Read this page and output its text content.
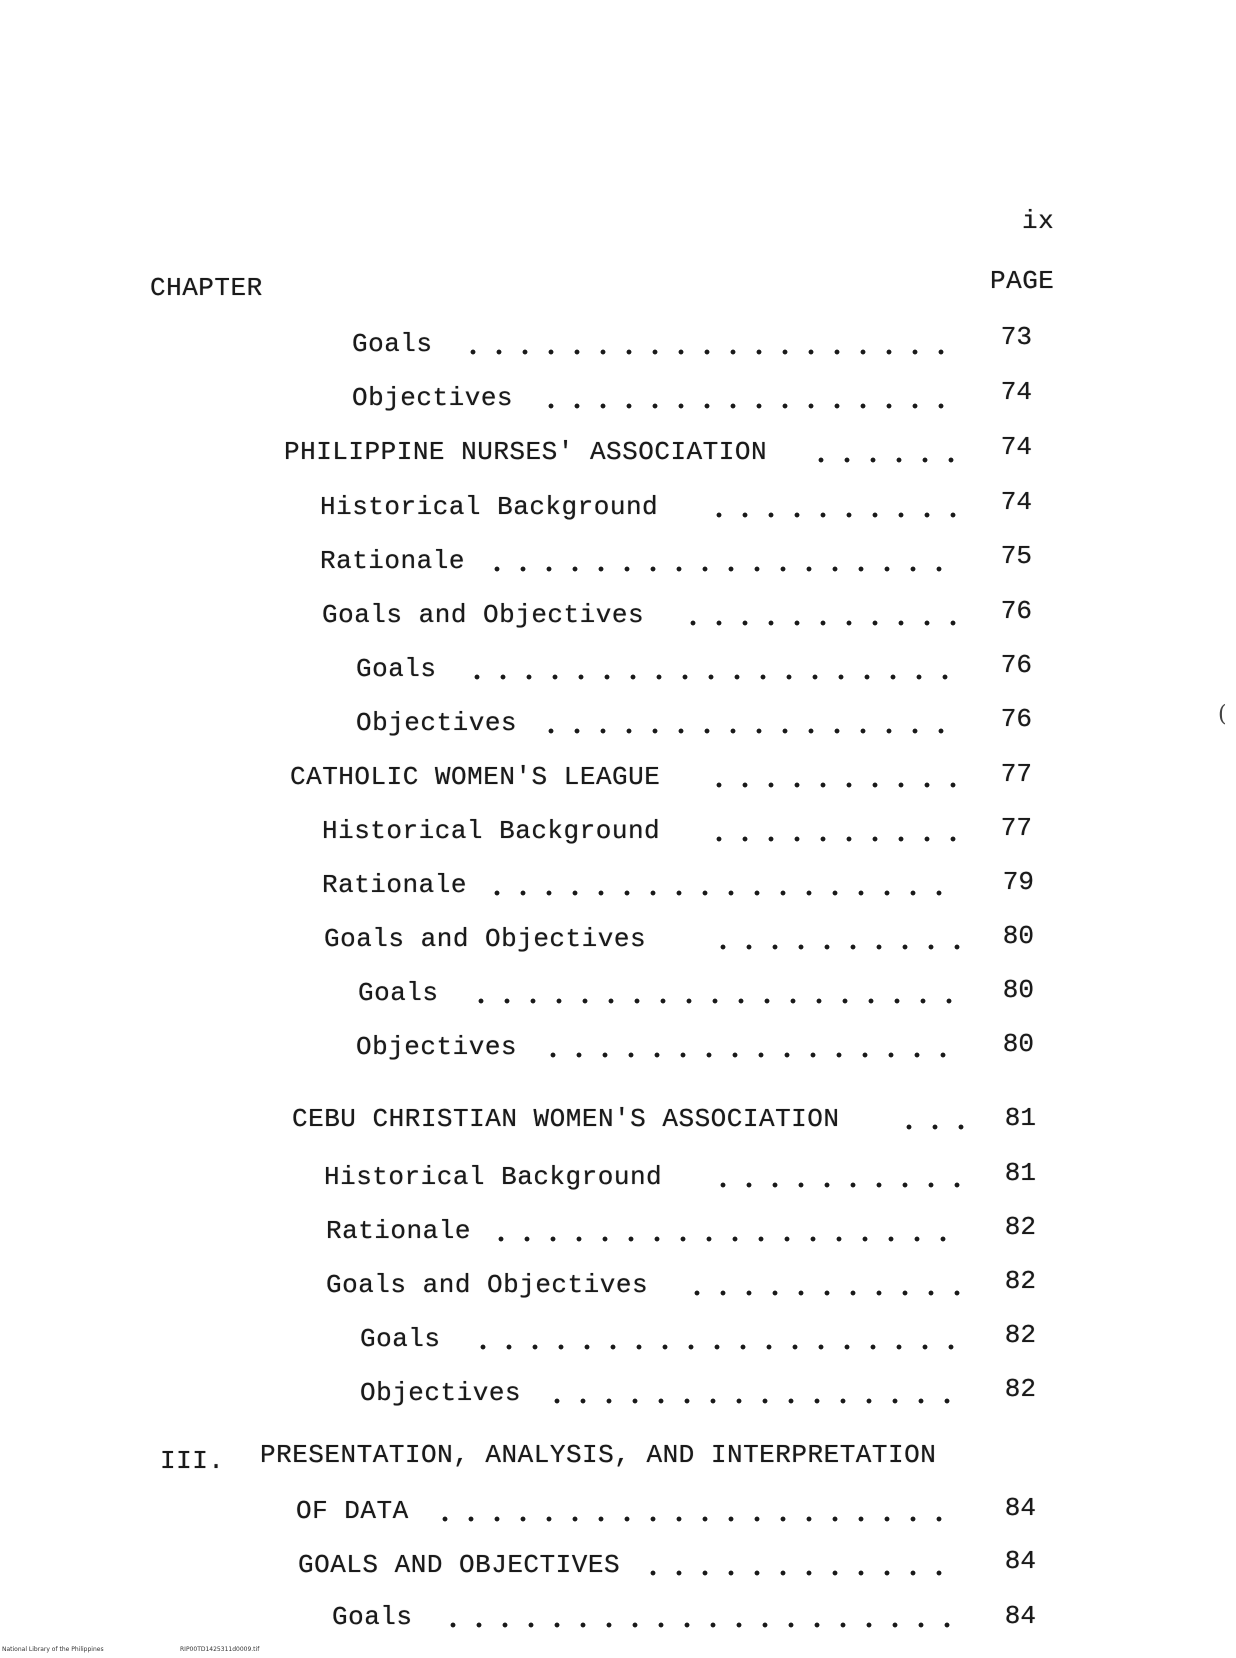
ix
CHAPTER	PAGE
Goals	73
Objectives	74
PHILIPPINE NURSES' ASSOCIATION	74
Historical Background	74
Rationale	75
Goals and Objectives	76
Goals	76
Objectives	76
CATHOLIC WOMEN'S LEAGUE	77
Historical Background	77
Rationale	79
Goals and Objectives	80
Goals	80
Objectives	80
CEBU CHRISTIAN WOMEN'S ASSOCIATION	81
Historical Background	81
Rationale	82
Goals and Objectives	82
Goals	82
Objectives	82
III. PRESENTATION, ANALYSIS, AND INTERPRETATION
OF DATA	84
GOALS AND OBJECTIVES	84
Goals	84
(
National Library of the Philippines	RIP00TD1425311d0009.tif
